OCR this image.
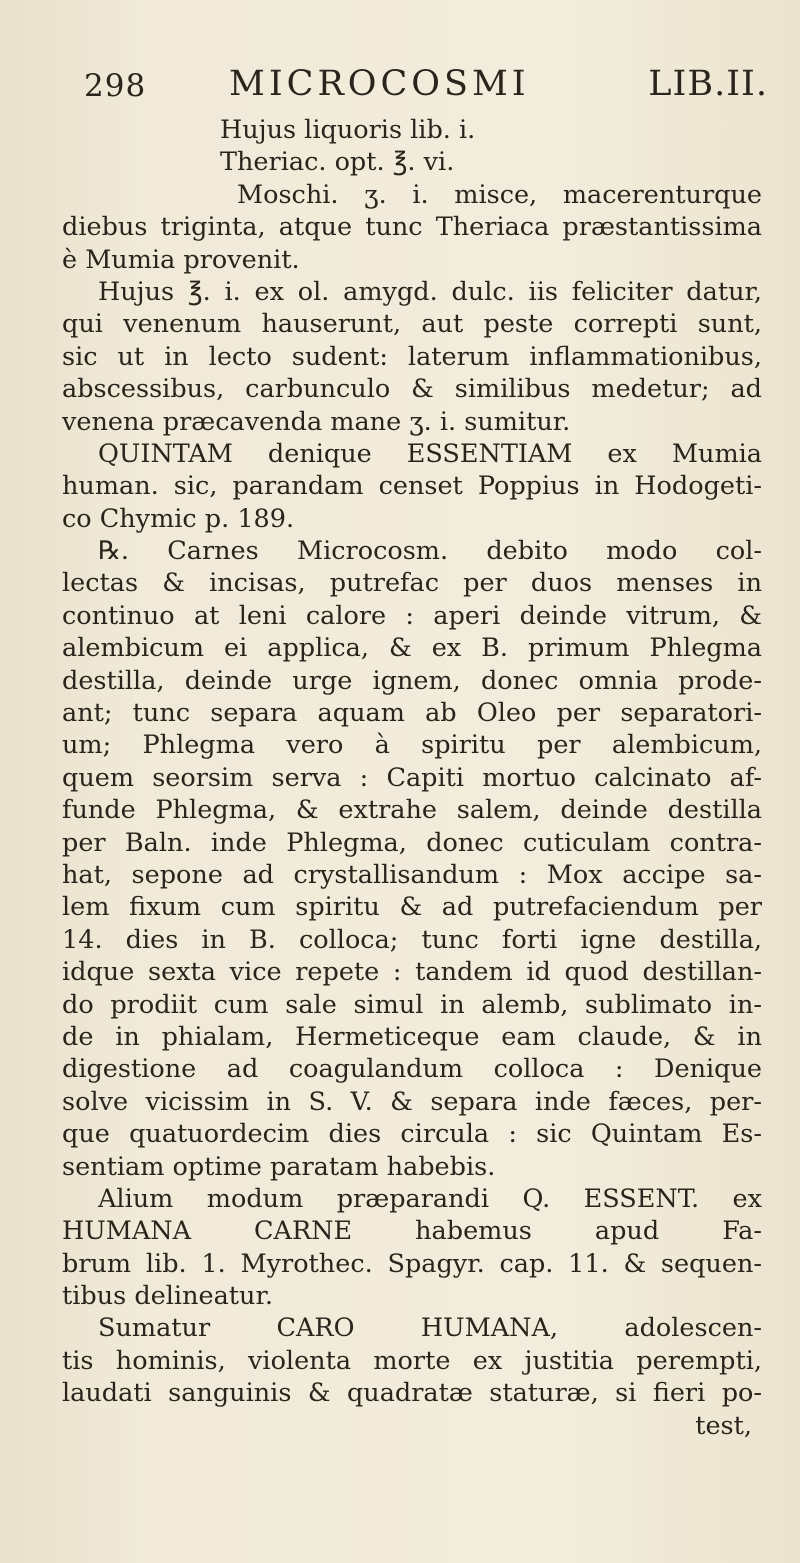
298 MICROCOSMI	LIB.II.
Hujus liquoris lib. i.
Theriac. opt. ℥. vi.
Moschi. ʒ. i. misce, macerenturque
diebus triginta, atque tunc Theriaca præstantissima
è Mumia provenit.
Hujus ℥. i. ex ol. amygd. dulc. iis feliciter datur,
qui venenum hauserunt, aut peste correpti sunt,
sic ut in lecto sudent: laterum inflammationibus,
abscessibus, carbunculo & similibus medetur; ad
venena præcavenda mane ʒ. i. sumitur.
QUINTAM denique ESSENTIAM ex Mumia
human. sic, parandam censet Poppius in Hodogeti-
co Chymic p. 189.
℞. Carnes Microcosm. debito modo col-
lectas & incisas, putrefac per duos menses in
continuo at leni calore : aperi deinde vitrum, &
alembicum ei applica, & ex B. primum Phlegma
destilla, deinde urge ignem, donec omnia prode-
ant; tunc separa aquam ab Oleo per separatori-
um; Phlegma vero à spiritu per alembicum,
quem seorsim serva : Capiti mortuo calcinato af-
funde Phlegma, & extrahe salem, deinde destilla
per Baln. inde Phlegma, donec cuticulam contra-
hat, sepone ad crystallisandum : Mox accipe sa-
lem fixum cum spiritu & ad putrefaciendum per
14. dies in B. colloca; tunc forti igne destilla,
idque sexta vice repete : tandem id quod destillan-
do prodiit cum sale simul in alemb, sublimato in-
de in phialam, Hermeticeque eam claude, & in
digestione ad coagulandum colloca : Denique
solve vicissim in S. V. & separa inde fæces, per-
que quatuordecim dies circula : sic Quintam Es-
sentiam optime paratam habebis.
Alium modum præparandi Q. ESSENT. ex
HUMANA CARNE habemus apud Fa-
brum lib. 1. Myrothec. Spagyr. cap. 11. & sequen-
tibus delineatur.
Sumatur CARO HUMANA, adolescen-
tis hominis, violenta morte ex justitia perempti,
laudati sanguinis & quadratæ staturæ, si fieri po-
test,
